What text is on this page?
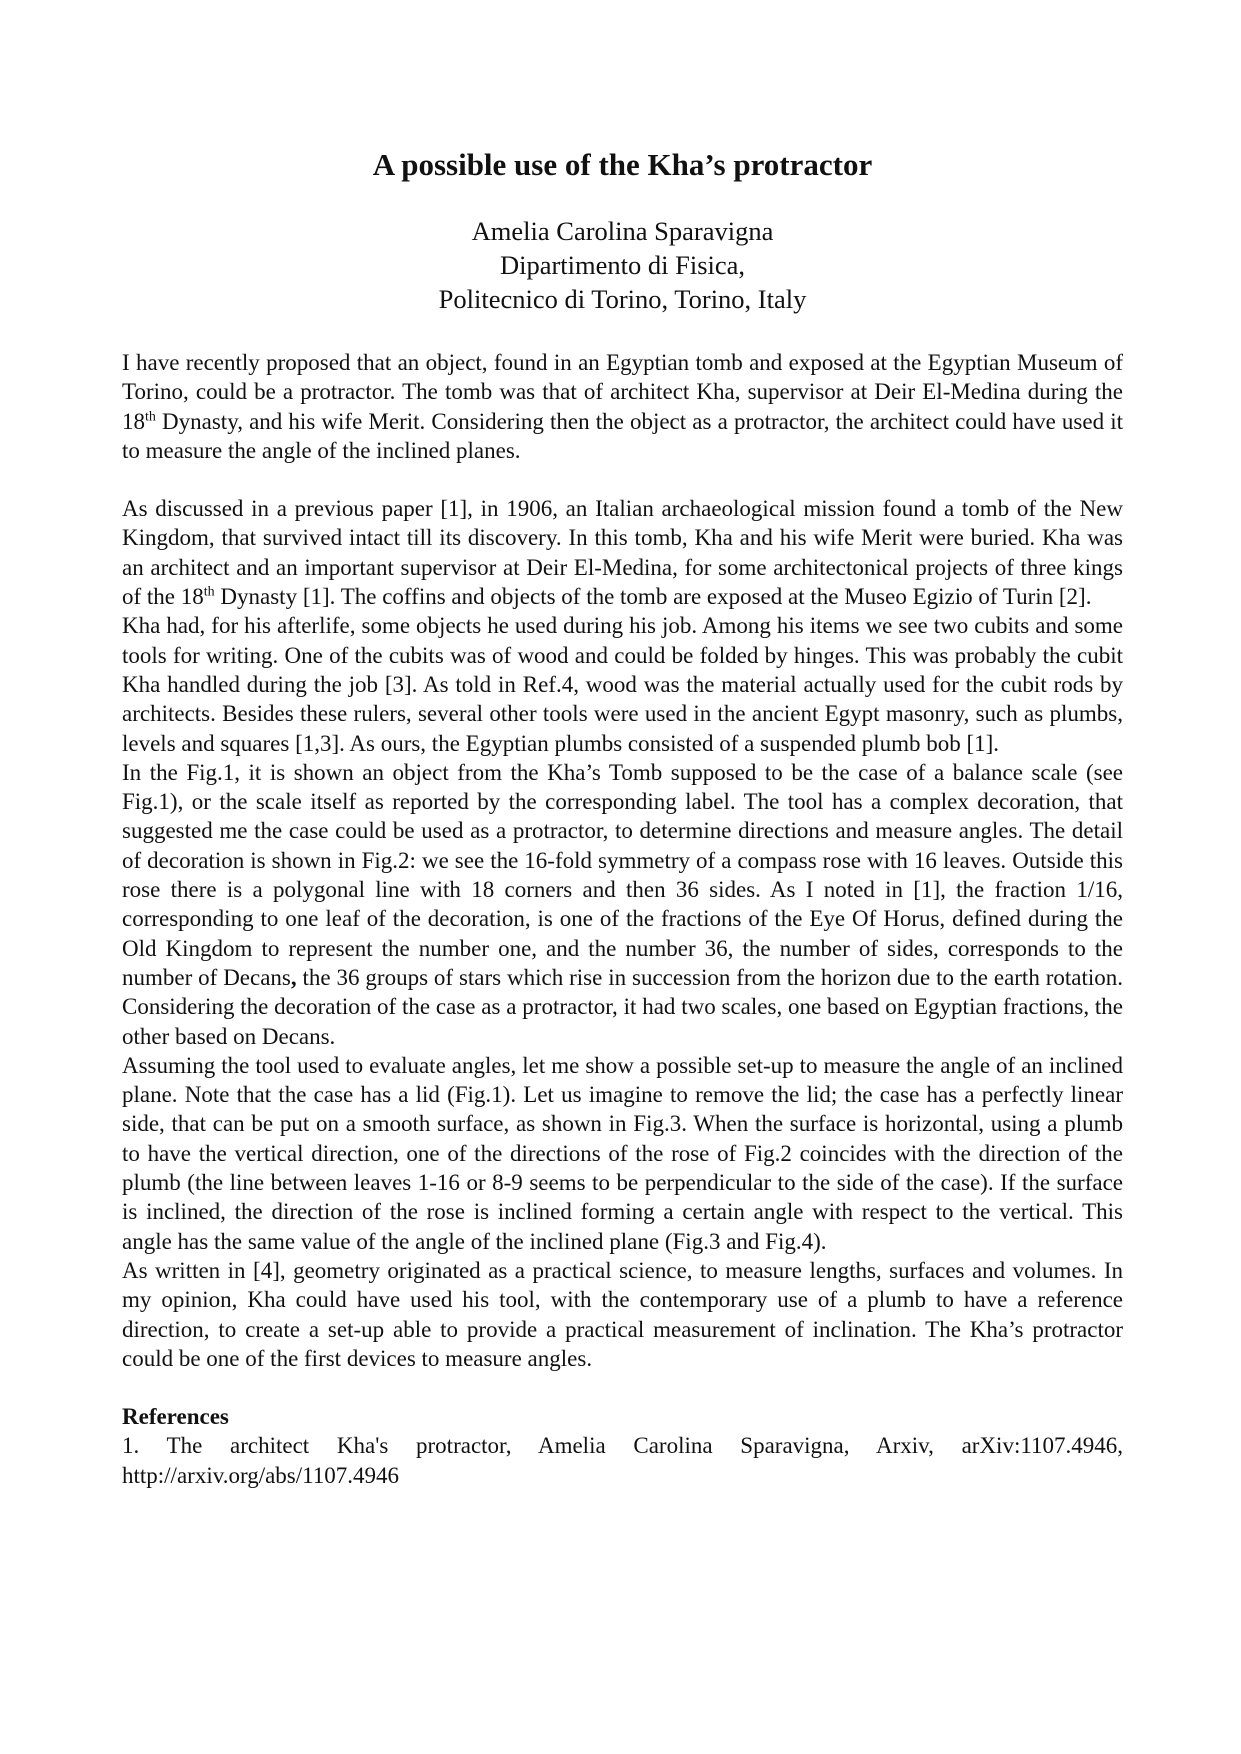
A possible use of the Kha’s protractor
Amelia Carolina Sparavigna
Dipartimento di Fisica,
Politecnico di Torino, Torino, Italy

I have recently proposed that an object, found in an Egyptian tomb and exposed at the Egyptian Museum of Torino, could be a protractor. The tomb was that of architect Kha, supervisor at Deir El-Medina during the 18th Dynasty, and his wife Merit. Considering then the object as a protractor, the architect could have used it to measure the angle of the inclined planes.

As discussed in a previous paper [1], in 1906, an Italian archaeological mission found a tomb of the New Kingdom, that survived intact till its discovery. In this tomb, Kha and his wife Merit were buried. Kha was an architect and an important supervisor at Deir El-Medina, for some architectonical projects of three kings of the 18th Dynasty [1]. The coffins and objects of the tomb are exposed at the Museo Egizio of Turin [2].

Kha had, for his afterlife, some objects he used during his job. Among his items we see two cubits and some tools for writing. One of the cubits was of wood and could be folded by hinges. This was probably the cubit Kha handled during the job [3]. As told in Ref.4, wood was the material actually used for the cubit rods by architects. Besides these rulers, several other tools were used in the ancient Egypt masonry, such as plumbs, levels and squares [1,3]. As ours, the Egyptian plumbs consisted of a suspended plumb bob [1].

In the Fig.1, it is shown an object from the Kha’s Tomb supposed to be the case of a balance scale (see Fig.1), or the scale itself as reported by the corresponding label. The tool has a complex decoration, that suggested me the case could be used as a protractor, to determine directions and measure angles. The detail of decoration is shown in Fig.2: we see the 16-fold symmetry of a compass rose with 16 leaves. Outside this rose there is a polygonal line with 18 corners and then 36 sides. As I noted in [1], the fraction 1/16, corresponding to one leaf of the decoration, is one of the fractions of the Eye Of Horus, defined during the Old Kingdom to represent the number one, and the number 36, the number of sides, corresponds to the number of Decans, the 36 groups of stars which rise in succession from the horizon due to the earth rotation. Considering the decoration of the case as a protractor, it had two scales, one based on Egyptian fractions, the other based on Decans.

Assuming the tool used to evaluate angles, let me show a possible set-up to measure the angle of an inclined plane. Note that the case has a lid (Fig.1). Let us imagine to remove the lid; the case has a perfectly linear side, that can be put on a smooth surface, as shown in Fig.3. When the surface is horizontal, using a plumb to have the vertical direction, one of the directions of the rose of Fig.2 coincides with the direction of the plumb (the line between leaves 1-16 or 8-9 seems to be perpendicular to the side of the case). If the surface is inclined, the direction of the rose is inclined forming a certain angle with respect to the vertical. This angle has the same value of the angle of the inclined plane (Fig.3 and Fig.4).

As written in [4], geometry originated as a practical science, to measure lengths, surfaces and volumes. In my opinion, Kha could have used his tool, with the contemporary use of a plumb to have a reference direction, to create a set-up able to provide a practical measurement of inclination. The Kha’s protractor could be one of the first devices to measure angles.

References

1. The architect Kha's protractor, Amelia Carolina Sparavigna, Arxiv, arXiv:1107.4946, http://arxiv.org/abs/1107.4946
